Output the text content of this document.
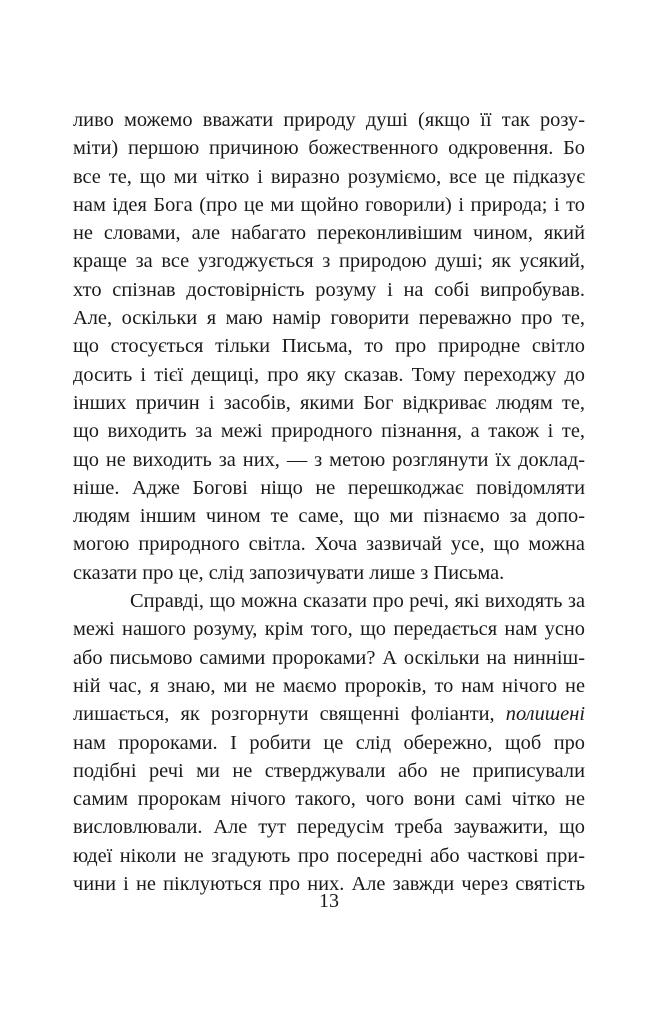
ливо можемо вважати природу душі (якщо її так розу-
міти) першою причиною божественного одкровення. Бо
все те, що ми чітко і виразно розуміємо, все це підказує
нам ідея Бога (про це ми щойно говорили) і природа; і то
не словами, але набагато переконливішим чином, який
краще за все узгоджується з природою душі; як усякий,
хто спізнав достовірність розуму і на собі випробував.
Але, оскільки я маю намір говорити переважно про те,
що стосується тільки Письма, то про природне світло
досить і тієї дещиці, про яку сказав. Тому переходжу до
інших причин і засобів, якими Бог відкриває людям те,
що виходить за межі природного пізнання, а також і те,
що не виходить за них, — з метою розглянути їх доклад-
ніше. Адже Богові ніщо не перешкоджає повідомляти
людям іншим чином те саме, що ми пізнаємо за допо-
могою природного світла. Хоча зазвичай усе, що можна
сказати про це, слід запозичувати лише з Письма.
Справді, що можна сказати про речі, які виходять за
межі нашого розуму, крім того, що передається нам усно
або письмово самими пророками? А оскільки на нинніш-
ній час, я знаю, ми не маємо пророків, то нам нічого не
лишається, як розгорнути священні фоліанти, полишені
нам пророками. І робити це слід обережно, щоб про
подібні речі ми не стверджували або не приписували
самим пророкам нічого такого, чого вони самі чітко не
висловлювали. Але тут передусім треба зауважити, що
юдеї ніколи не згадують про посередні або часткові при-
чини і не піклуються про них. Але завжди через святість
13
